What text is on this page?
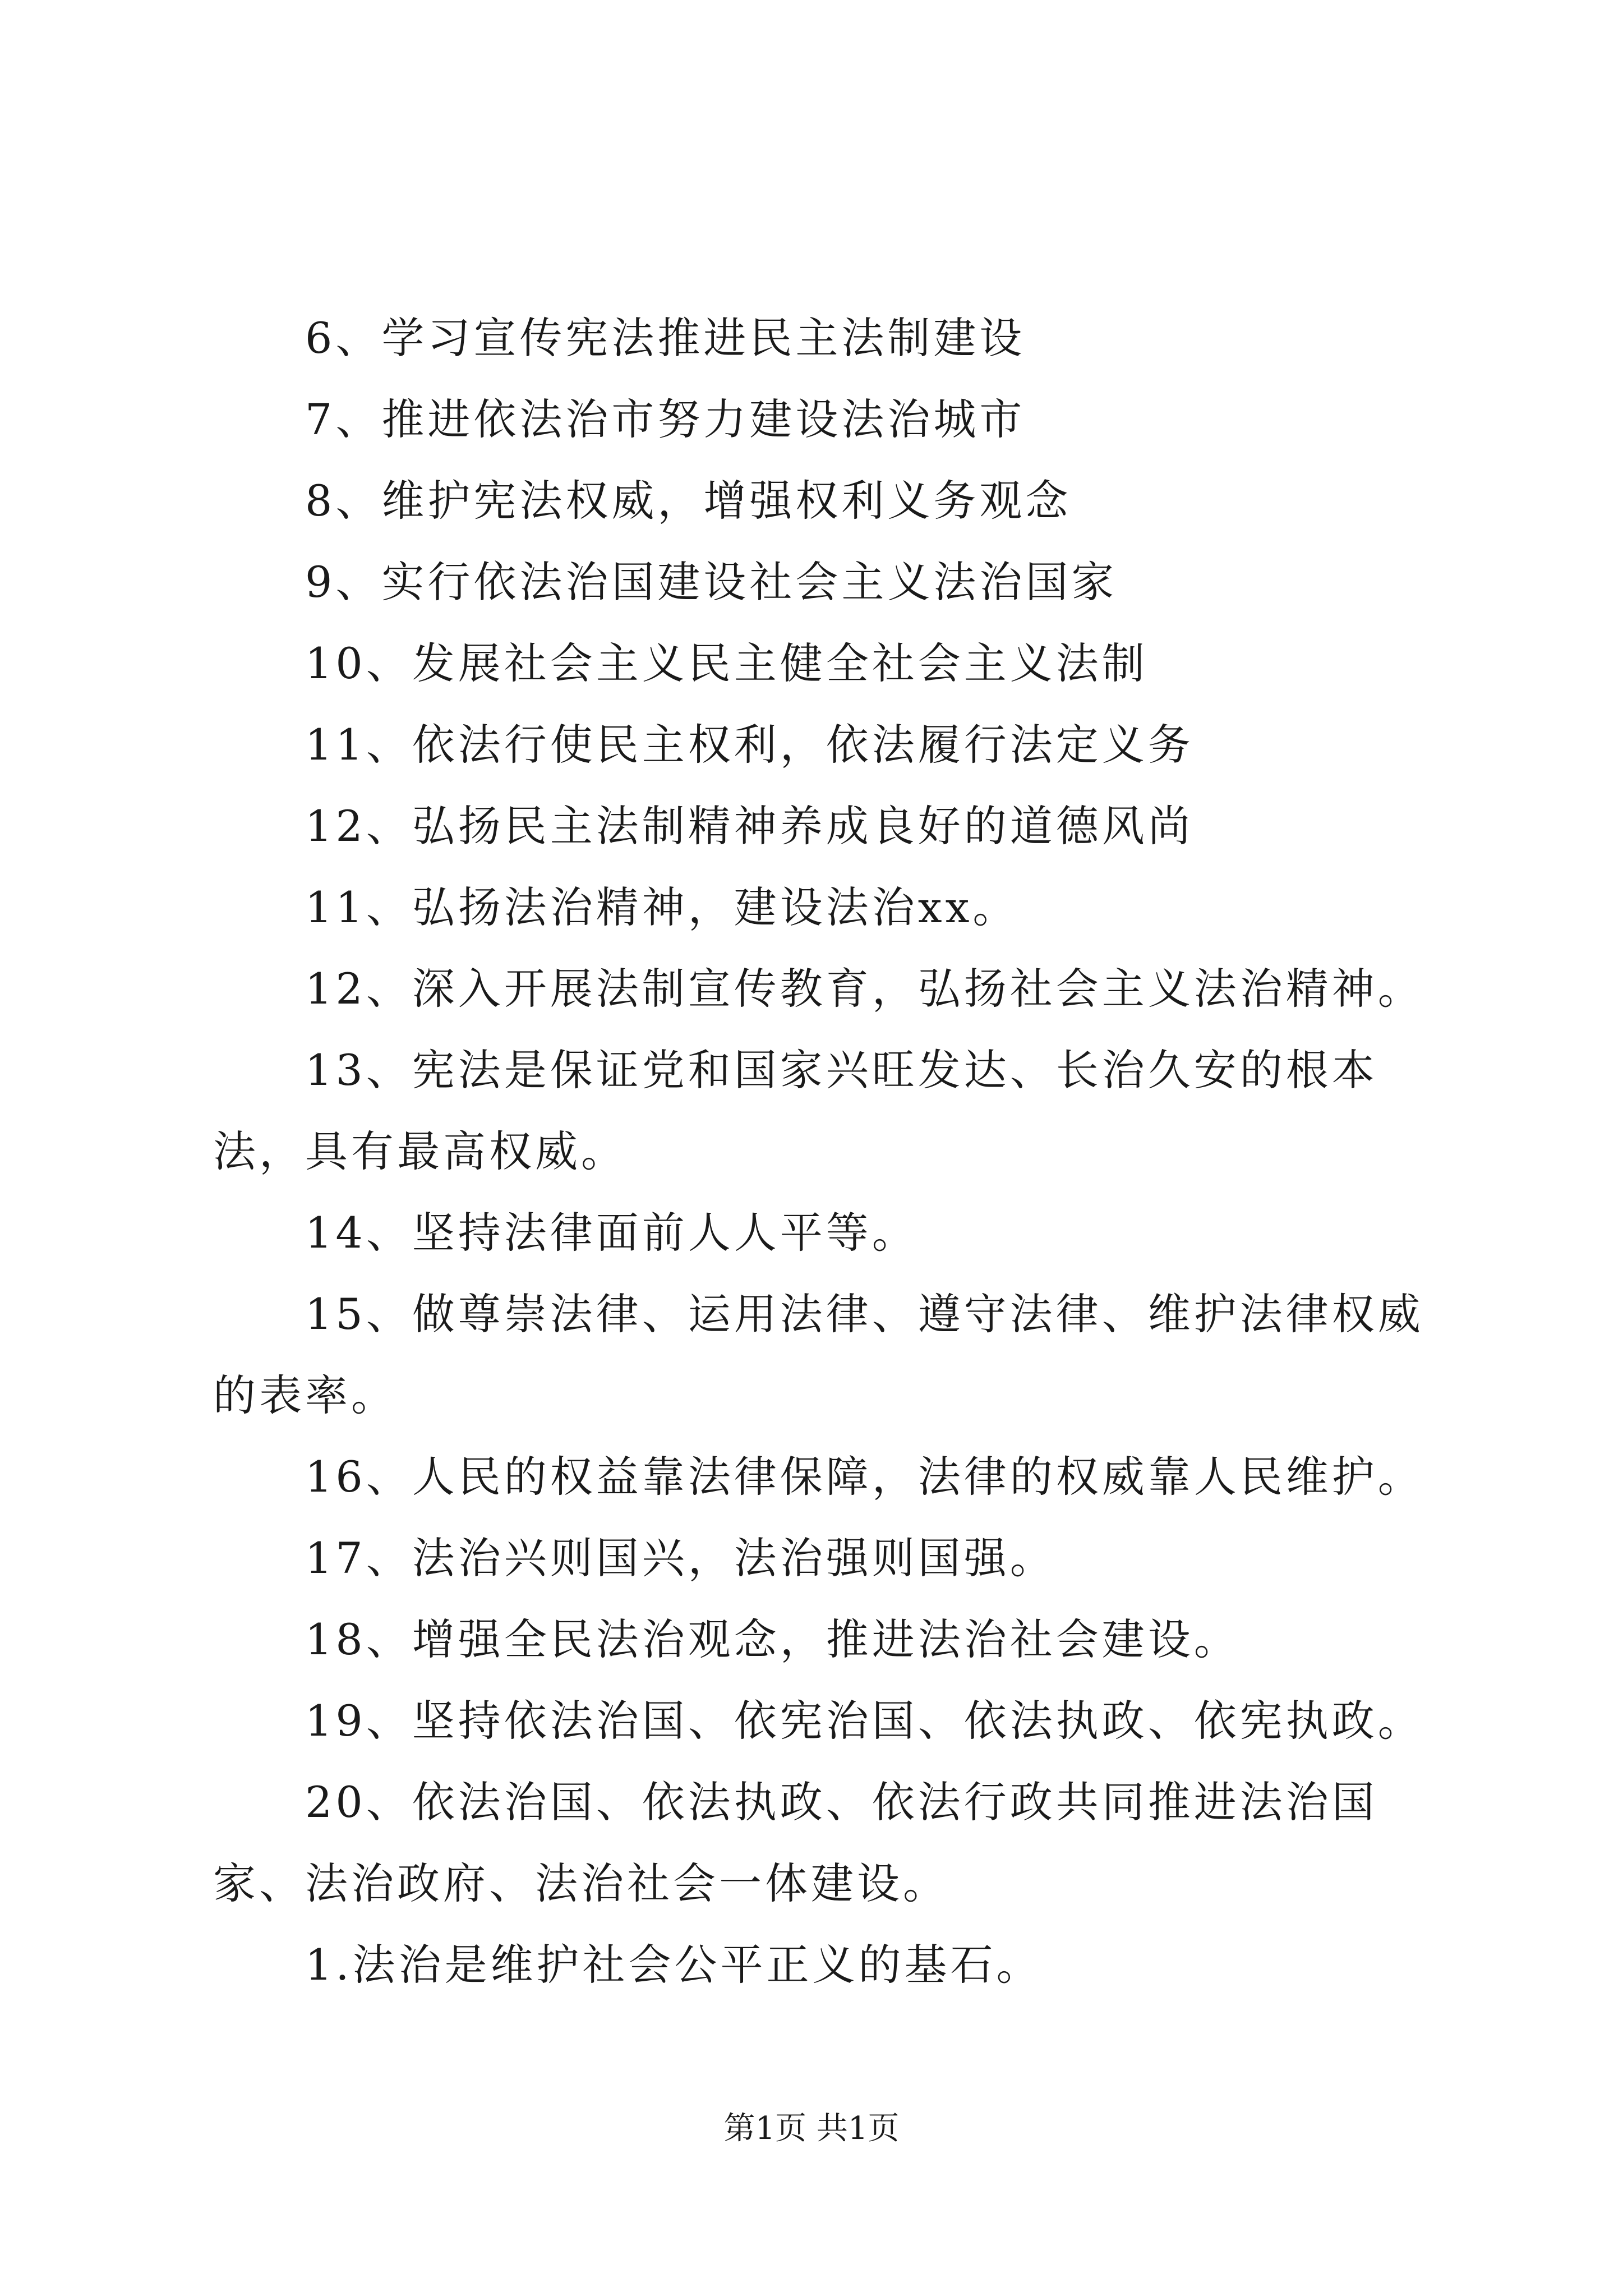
6、学习宣传宪法推进民主法制建设

7、推进依法治市努力建设法治城市

8、维护宪法权威，增强权利义务观念

9、实行依法治国建设社会主义法治国家

10、发展社会主义民主健全社会主义法制

11、依法行使民主权利，依法履行法定义务

12、弘扬民主法制精神养成良好的道德风尚

11、弘扬法治精神，建设法治xx。

12、深入开展法制宣传教育，弘扬社会主义法治精神。

13、宪法是保证党和国家兴旺发达、长治久安的根本法，具有最高权威。

14、坚持法律面前人人平等。

15、做尊崇法律、运用法律、遵守法律、维护法律权威的表率。

16、人民的权益靠法律保障，法律的权威靠人民维护。

17、法治兴则国兴，法治强则国强。

18、增强全民法治观念，推进法治社会建设。

19、坚持依法治国、依宪治国、依法执政、依宪执政。

20、依法治国、依法执政、依法行政共同推进法治国家、法治政府、法治社会一体建设。

1.法治是维护社会公平正义的基石。

第1页 共1页
